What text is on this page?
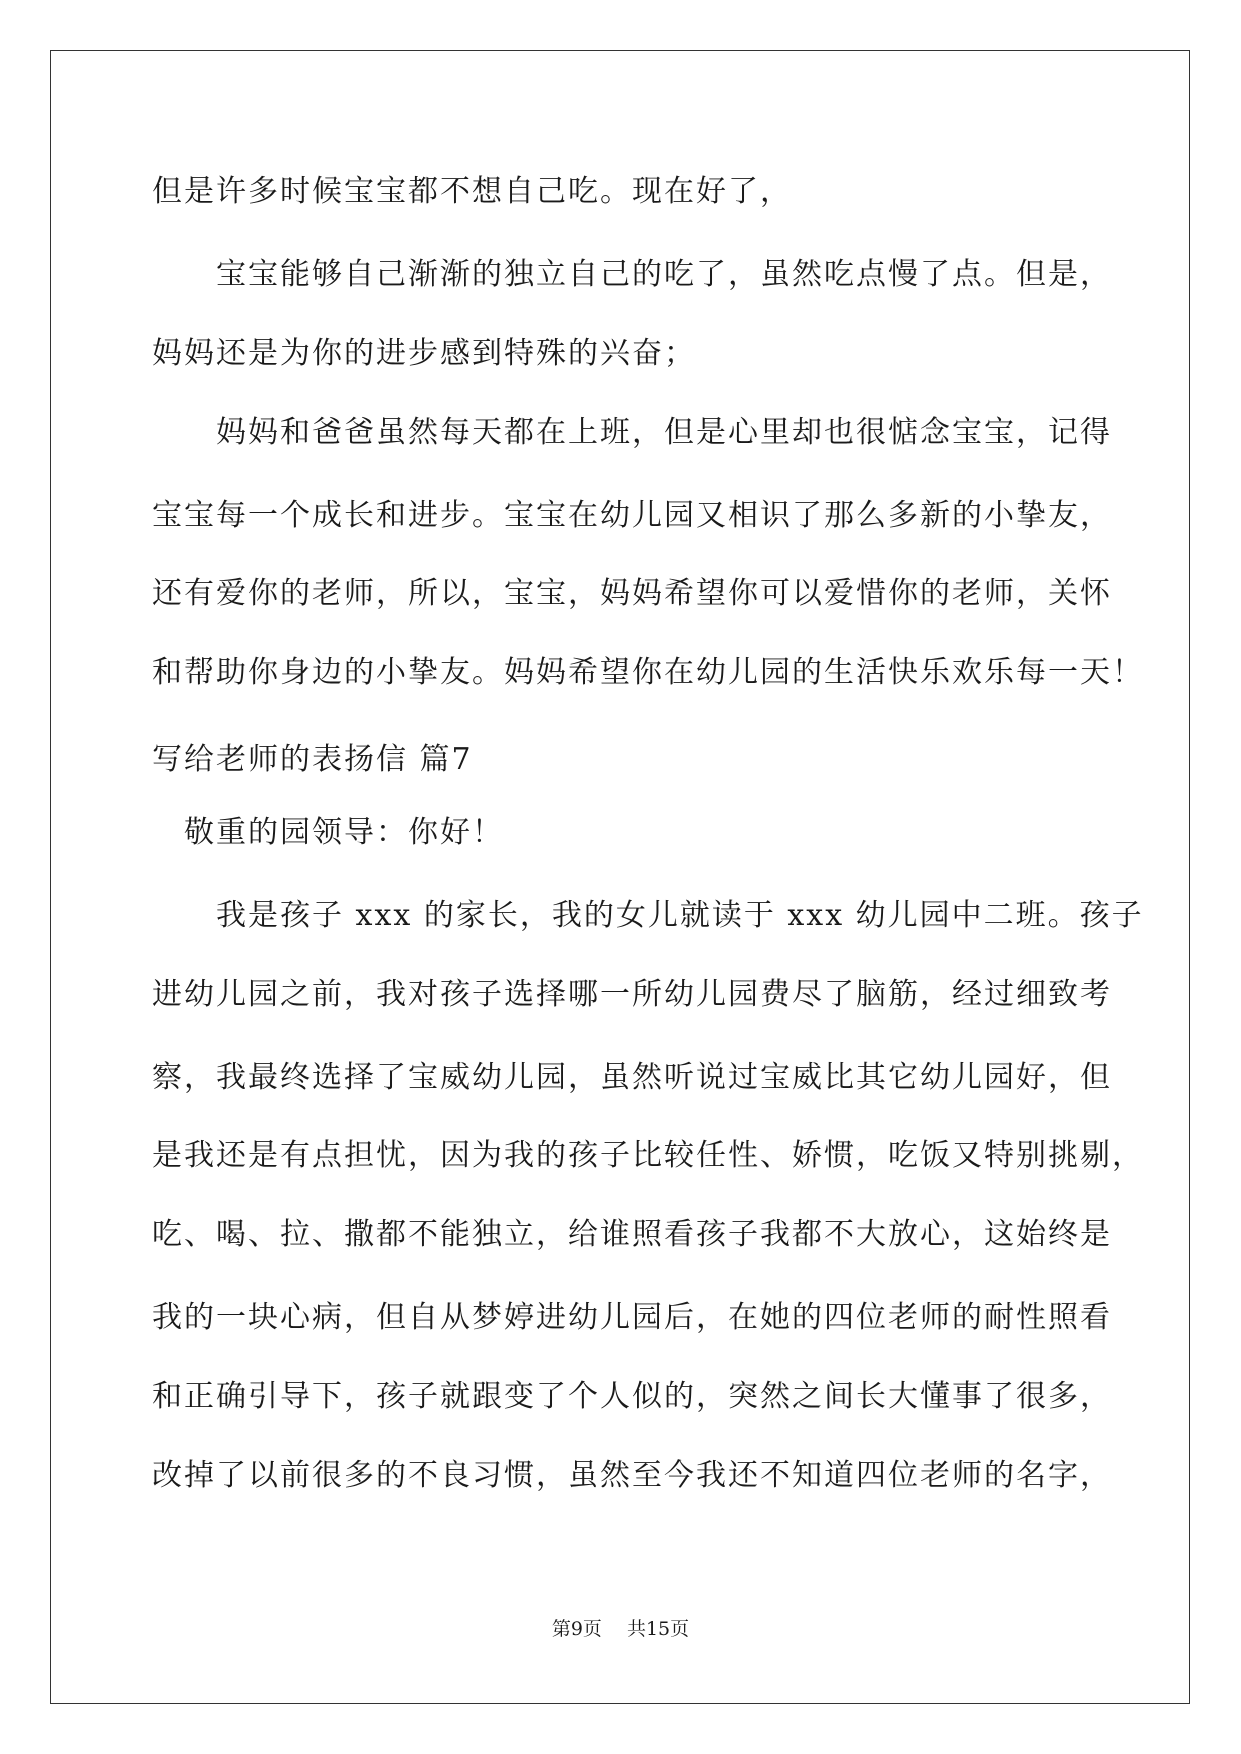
但是许多时候宝宝都不想自己吃。现在好了，
　　宝宝能够自己渐渐的独立自己的吃了，虽然吃点慢了点。但是，
妈妈还是为你的进步感到特殊的兴奋；
　　妈妈和爸爸虽然每天都在上班，但是心里却也很惦念宝宝，记得
宝宝每一个成长和进步。宝宝在幼儿园又相识了那么多新的小挚友，
还有爱你的老师，所以，宝宝，妈妈希望你可以爱惜你的老师，关怀
和帮助你身边的小挚友。妈妈希望你在幼儿园的生活快乐欢乐每一天！
写给老师的表扬信 篇7
　敬重的园领导：你好！
　　我是孩子 xxx 的家长，我的女儿就读于 xxx 幼儿园中二班。孩子
进幼儿园之前，我对孩子选择哪一所幼儿园费尽了脑筋，经过细致考
察，我最终选择了宝威幼儿园，虽然听说过宝威比其它幼儿园好，但
是我还是有点担忧，因为我的孩子比较任性、娇惯，吃饭又特别挑剔，
吃、喝、拉、撒都不能独立，给谁照看孩子我都不大放心，这始终是
我的一块心病，但自从梦婷进幼儿园后，在她的四位老师的耐性照看
和正确引导下，孩子就跟变了个人似的，突然之间长大懂事了很多，
改掉了以前很多的不良习惯，虽然至今我还不知道四位老师的名字，
第9页　 共15页
